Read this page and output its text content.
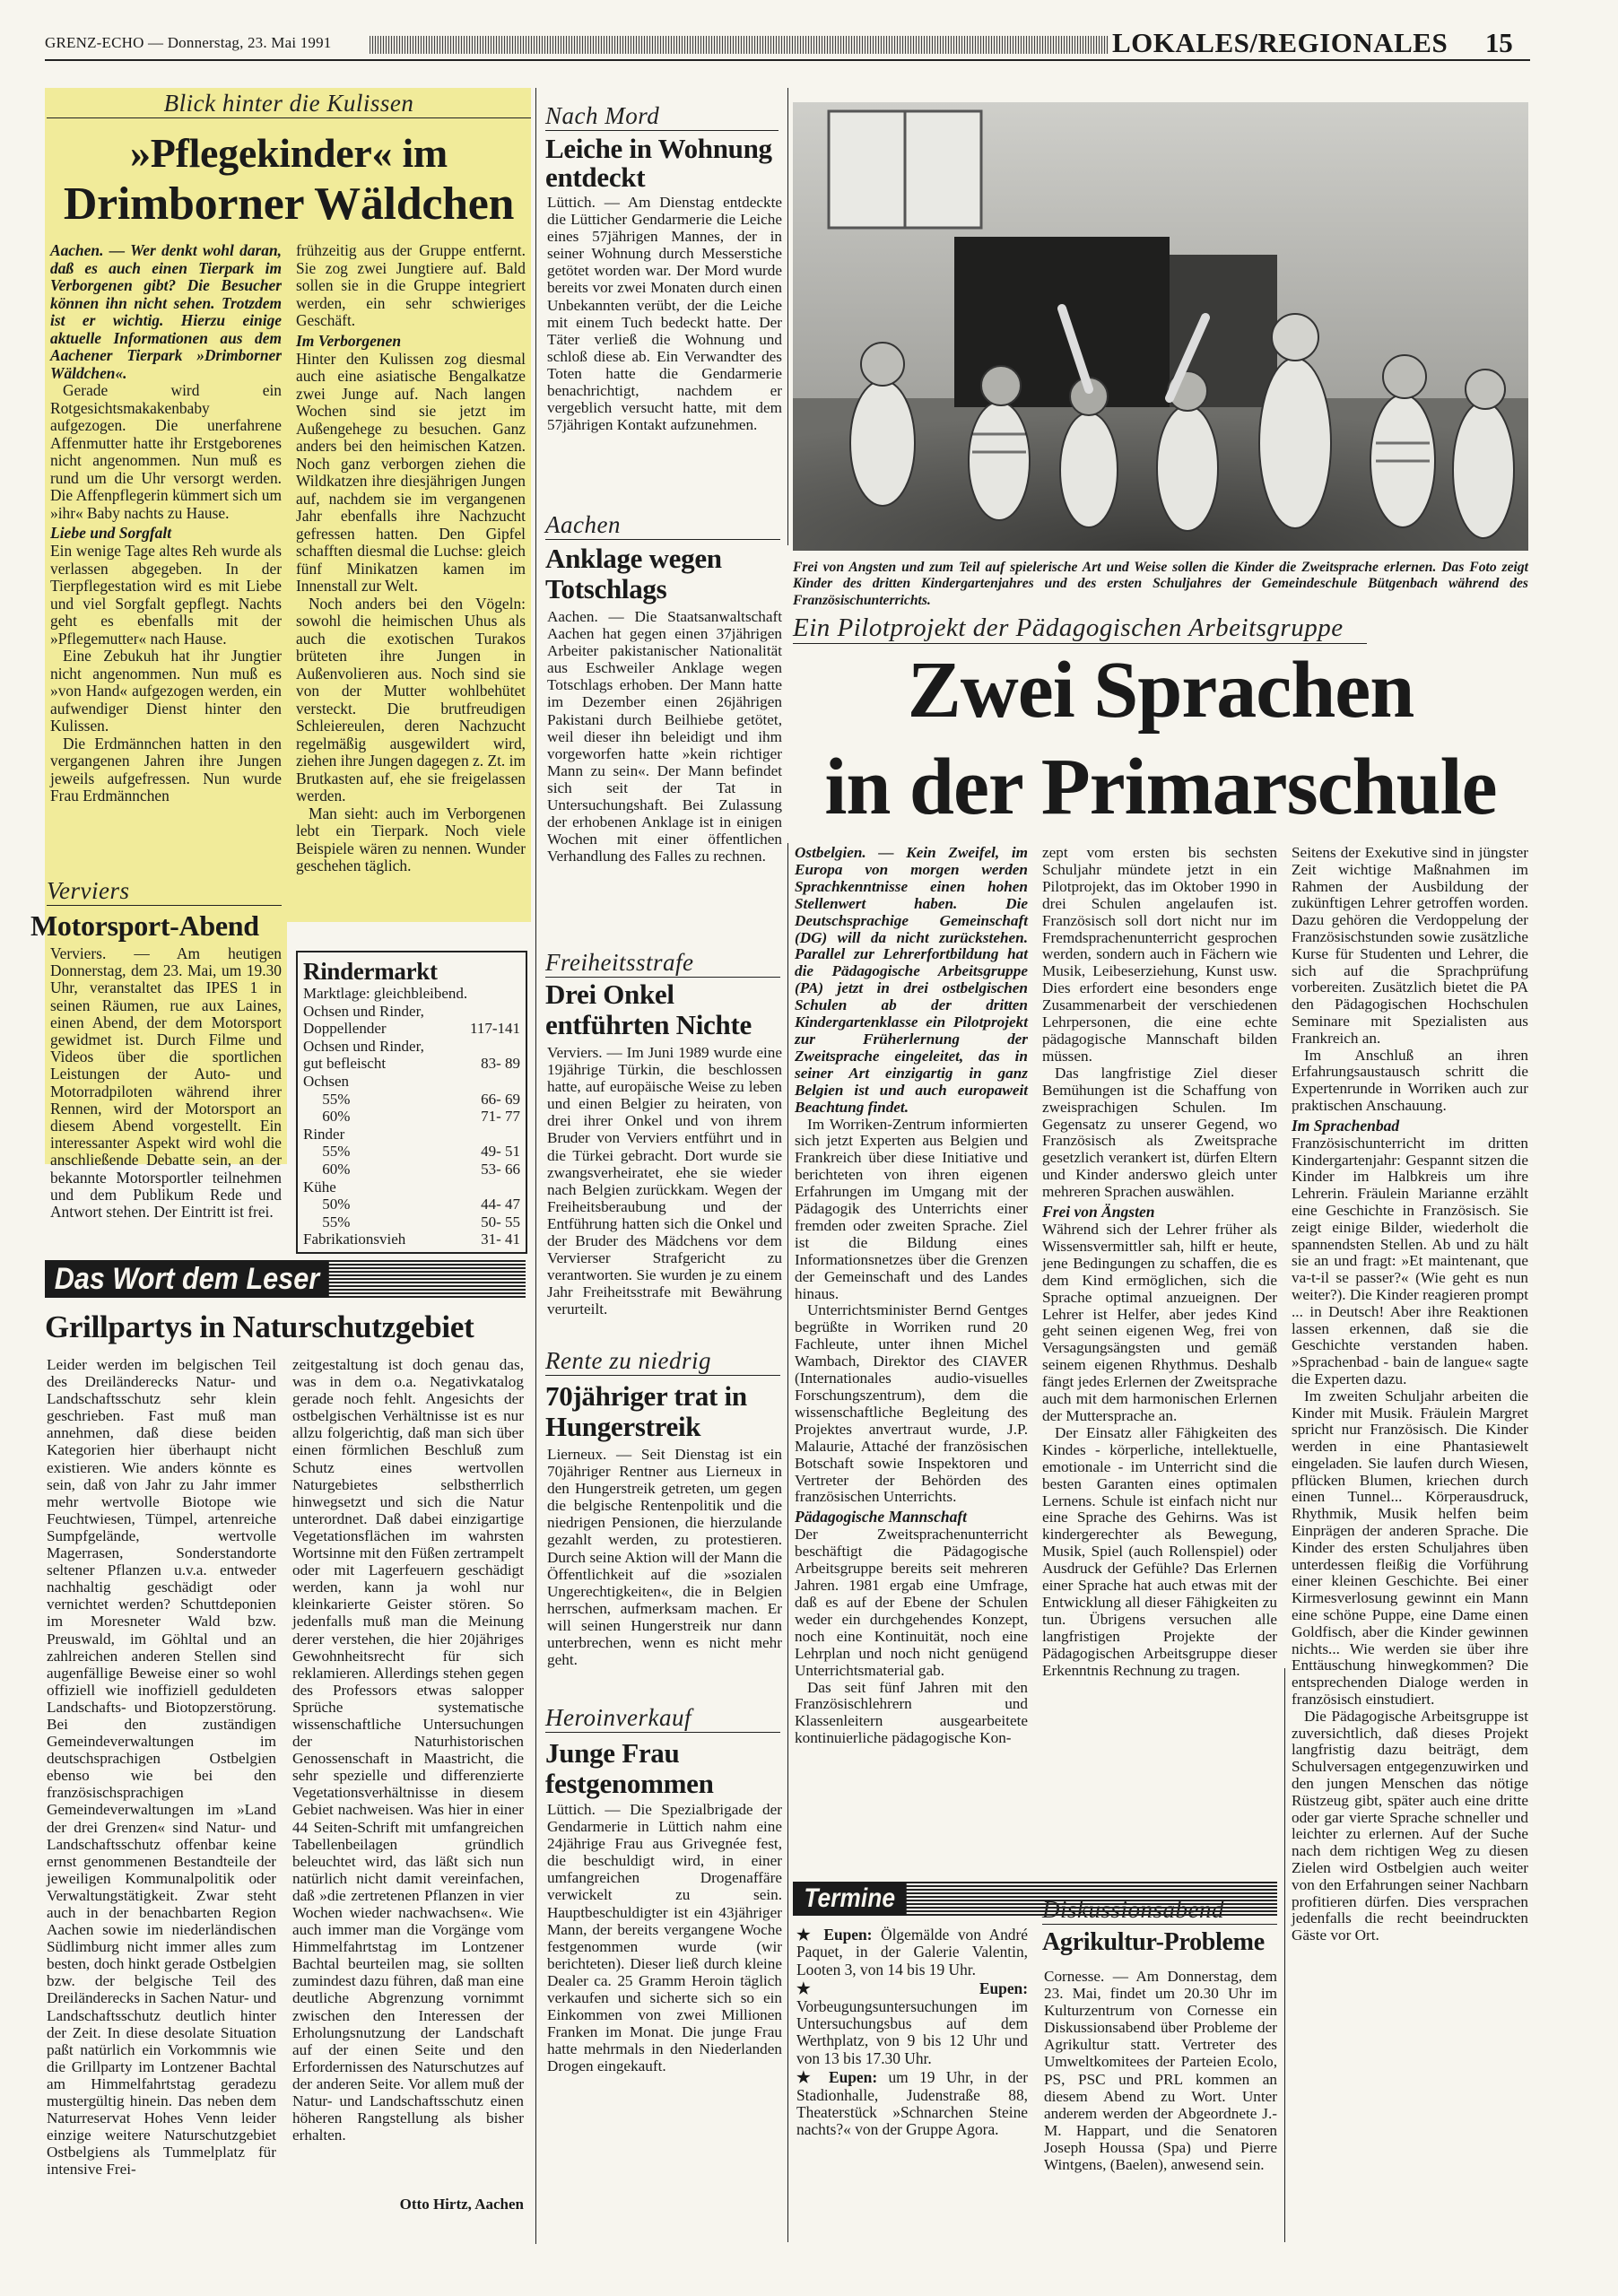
GRENZ-ECHO — Donnerstag, 23. Mai 1991	LOKALES/REGIONALES 15
Blick hinter die Kulissen
»Pflegekinder« im
Drimborner Wäldchen

Aachen. — Wer denkt wohl daran, daß es auch einen Tierpark im Verborgenen gibt? Die Besucher können ihn nicht sehen. Trotzdem ist er wichtig. Hierzu einige aktuelle Informationen aus dem Aachener Tierpark »Drimborner Wäldchen«.

Gerade wird ein Rotgesichtsmakakenbaby aufgezogen. Die unerfahrene Affenmutter hatte ihr Erstgeborenes nicht angenommen. Nun muß es rund um die Uhr versorgt werden. Die Affenpflegerin kümmert sich um »ihr« Baby nachts zu Hause.

Liebe und Sorgfalt

Ein wenige Tage altes Reh wurde als verlassen abgegeben. In der Tierpflegestation wird es mit Liebe und viel Sorgfalt gepflegt. Nachts geht es ebenfalls mit der »Pflegemutter« nach Hause.

Eine Zebukuh hat ihr Jungtier nicht angenommen. Nun muß es »von Hand« aufgezogen werden, ein aufwendiger Dienst hinter den Kulissen.

Die Erdmännchen hatten in den vergangenen Jahren ihre Jungen jeweils aufgefressen. Nun wurde Frau Erdmännchen

frühzeitig aus der Gruppe entfernt. Sie zog zwei Jungtiere auf. Bald sollen sie in die Gruppe integriert werden, ein sehr schwieriges Geschäft.

Im Verborgenen

Hinter den Kulissen zog diesmal auch eine asiatische Bengalkatze zwei Junge auf. Nach langen Wochen sind sie jetzt im Außengehege zu besuchen. Ganz anders bei den heimischen Katzen. Noch ganz verborgen ziehen die Wildkatzen ihre diesjährigen Jungen auf, nachdem sie im vergangenen Jahr ebenfalls ihre Nachzucht gefressen hatten. Den Gipfel schafften diesmal die Luchse: gleich fünf Minikatzen kamen im Innenstall zur Welt.

Noch anders bei den Vögeln: sowohl die heimischen Uhus als auch die exotischen Turakos brüteten ihre Jungen in Außenvolieren aus. Noch sind sie von der Mutter wohlbehütet versteckt. Die brutfreudigen Schleiereulen, deren Nachzucht regelmäßig ausgewildert wird, ziehen ihre Jungen dagegen z. Zt. im Brutkasten auf, ehe sie freigelassen werden.

Man sieht: auch im Verborgenen lebt ein Tierpark. Noch viele Beispiele wären zu nennen. Wunder geschehen täglich.

Verviers
Motorsport-Abend
Verviers. — Am heutigen Donnerstag, dem 23. Mai, um 19.30 Uhr, veranstaltet das IPES 1 in seinen Räumen, rue aux Laines, einen Abend, der dem Motorsport gewidmet ist. Durch Filme und Videos über die sportlichen Leistungen der Auto- und Motorradpiloten während ihrer Rennen, wird der Motorsport an diesem Abend vorgestellt. Ein interessanter Aspekt wird wohl die anschließende Debatte sein, an der bekannte Motorsportler teilnehmen und dem Publikum Rede und Antwort stehen. Der Eintritt ist frei.
Rindermarkt
Marktlage: gleichbleibend.
Ochsen und Rinder,
Doppellender	117-141
Ochsen und Rinder,
gut befleischt	83- 89
Ochsen
55%	66- 69
60%	71- 77
Rinder
55%	49- 51
60%	53- 66
Kühe
50%	44- 47
55%	50- 55
Fabrikationsvieh	31- 41
Das Wort dem Leser
Grillpartys in Naturschutzgebiet
Leider werden im belgischen Teil des Dreiländerecks Natur- und Landschaftsschutz sehr klein geschrieben. Fast muß man annehmen, daß diese beiden Kategorien hier überhaupt nicht existieren. Wie anders könnte es sein, daß von Jahr zu Jahr immer mehr wertvolle Biotope wie Feuchtwiesen, Tümpel, artenreiche Sumpfgelände, wertvolle Magerrasen, Sonderstandorte seltener Pflanzen u.v.a. entweder nachhaltig geschädigt oder vernichtet werden? Schuttdeponien im Moresneter Wald bzw. Preuswald, im Göhltal und an zahlreichen anderen Stellen sind augenfällige Beweise einer so wohl offiziell wie inoffiziell geduldeten Landschafts- und Biotopzerstörung. Bei den zuständigen Gemeindeverwaltungen im deutschsprachigen Ostbelgien ebenso wie bei den französischsprachigen Gemeindeverwaltungen im »Land der drei Grenzen« sind Natur- und Landschaftsschutz offenbar keine ernst genommenen Bestandteile der jeweiligen Kommunalpolitik oder Verwaltungstätigkeit. Zwar steht auch in der benachbarten Region Aachen sowie im niederländischen Südlimburg nicht immer alles zum besten, doch hinkt gerade Ostbelgien bzw. der belgische Teil des Dreiländerecks in Sachen Natur- und Landschaftsschutz deutlich hinter der Zeit. In diese desolate Situation paßt natürlich ein Vorkommnis wie die Grillparty im Lontzener Bachtal am Himmelfahrtstag geradezu mustergültig hinein. Das neben dem Naturreservat Hohes Venn leider einzige weitere Naturschutzgebiet Ostbelgiens als Tummelplatz für intensive Frei-
zeitgestaltung ist doch genau das, was in dem o.a. Negativkatalog gerade noch fehlt. Angesichts der ostbelgischen Verhältnisse ist es nur allzu folgerichtig, daß man sich über einen förmlichen Beschluß zum Schutz eines wertvollen Naturgebietes selbstherrlich hinwegsetzt und sich die Natur unterordnet. Daß dabei einzigartige Vegetationsflächen im wahrsten Wortsinne mit den Füßen zertrampelt oder mit Lagerfeuern geschädigt werden, kann ja wohl nur kleinkarierte Geister stören. So jedenfalls muß man die Meinung derer verstehen, die hier 20jähriges Gewohnheitsrecht für sich reklamieren. Allerdings stehen gegen des Professors etwas salopper Sprüche systematische wissenschaftliche Untersuchungen der Naturhistorischen Genossenschaft in Maastricht, die sehr spezielle und differenzierte Vegetationsverhältnisse in diesem Gebiet nachweisen. Was hier in einer 44 Seiten-Schrift mit umfangreichen Tabellenbeilagen gründlich beleuchtet wird, das läßt sich nun natürlich nicht damit vereinfachen, daß »die zertretenen Pflanzen in vier Wochen wieder nachwachsen«. Wie auch immer man die Vorgänge vom Himmelfahrtstag im Lontzener Bachtal beurteilen mag, sie sollten zumindest dazu führen, daß man eine deutliche Abgrenzung vornimmt zwischen den Interessen der Erholungsnutzung der Landschaft auf der einen Seite und den Erfordernissen des Naturschutzes auf der anderen Seite. Vor allem muß der Natur- und Landschaftsschutz einen höheren Rangstellung als bisher erhalten.
Otto Hirtz, Aachen
Nach Mord
Leiche in Wohnung entdeckt
Lüttich. — Am Dienstag entdeckte die Lütticher Gendarmerie die Leiche eines 57jährigen Mannes, der in seiner Wohnung durch Messerstiche getötet worden war. Der Mord wurde bereits vor zwei Monaten durch einen Unbekannten verübt, der die Leiche mit einem Tuch bedeckt hatte. Der Täter verließ die Wohnung und schloß diese ab. Ein Verwandter des Toten hatte die Gendarmerie benachrichtigt, nachdem er vergeblich versucht hatte, mit dem 57jährigen Kontakt aufzunehmen.
Aachen
Anklage wegen Totschlags
Aachen. — Die Staatsanwaltschaft Aachen hat gegen einen 37jährigen Arbeiter pakistanischer Nationalität aus Eschweiler Anklage wegen Totschlags erhoben. Der Mann hatte im Dezember einen 26jährigen Pakistani durch Beilhiebe getötet, weil dieser ihn beleidigt und ihm vorgeworfen hatte »kein richtiger Mann zu sein«. Der Mann befindet sich seit der Tat in Untersuchungshaft. Bei Zulassung der erhobenen Anklage ist in einigen Wochen mit einer öffentlichen Verhandlung des Falles zu rechnen.
Freiheitsstrafe
Drei Onkel entführten Nichte
Verviers. — Im Juni 1989 wurde eine 19jährige Türkin, die beschlossen hatte, auf europäische Weise zu leben und einen Belgier zu heiraten, von drei ihrer Onkel und von ihrem Bruder von Verviers entführt und in die Türkei gebracht. Dort wurde sie zwangsverheiratet, ehe sie wieder nach Belgien zurückkam. Wegen der Freiheitsberaubung und der Entführung hatten sich die Onkel und der Bruder des Mädchens vor dem Vervierser Strafgericht zu verantworten. Sie wurden je zu einem Jahr Freiheitsstrafe mit Bewährung verurteilt.
Rente zu niedrig
70jähriger trat in Hungerstreik
Lierneux. — Seit Dienstag ist ein 70jähriger Rentner aus Lierneux in den Hungerstreik getreten, um gegen die belgische Rentenpolitik und die niedrigen Pensionen, die hierzulande gezahlt werden, zu protestieren. Durch seine Aktion will der Mann die Öffentlichkeit auf die »sozialen Ungerechtigkeiten«, die in Belgien herrschen, aufmerksam machen. Er will seinen Hungerstreik nur dann unterbrechen, wenn es nicht mehr geht.
Heroinverkauf
Junge Frau festgenommen
Lüttich. — Die Spezialbrigade der Gendarmerie in Lüttich nahm eine 24jährige Frau aus Grivegnée fest, die beschuldigt wird, in einer umfangreichen Drogenaffäre verwickelt zu sein. Hauptbeschuldigter ist ein 43jähriger Mann, der bereits vergangene Woche festgenommen wurde (wir berichteten). Dieser ließ durch kleine Dealer ca. 25 Gramm Heroin täglich verkaufen und sicherte sich so ein Einkommen von zwei Millionen Franken im Monat. Die junge Frau hatte mehrmals in den Niederlanden Drogen eingekauft.
Frei von Angsten und zum Teil auf spielerische Art und Weise sollen die Kinder die Zweitsprache erlernen. Das Foto zeigt Kinder des dritten Kindergartenjahres und des ersten Schuljahres der Gemeindeschule Bütgenbach während des Französischunterrichts.
Ein Pilotprojekt der Pädagogischen Arbeitsgruppe
Zwei Sprachen
in der Primarschule

Ostbelgien. — Kein Zweifel, im Europa von morgen werden Sprachkenntnisse einen hohen Stellenwert haben. Die Deutschsprachige Gemeinschaft (DG) will da nicht zurückstehen. Parallel zur Lehrerfortbildung hat die Pädagogische Arbeitsgruppe (PA) jetzt in drei ostbelgischen Schulen ab der dritten Kindergartenklasse ein Pilotprojekt zur Früherlernung der Zweitsprache eingeleitet, das in seiner Art einzigartig in ganz Belgien ist und auch europaweit Beachtung findet.

Im Worriken-Zentrum informierten sich jetzt Experten aus Belgien und Frankreich über diese Initiative und berichteten von ihren eigenen Erfahrungen im Umgang mit der Pädagogik des Unterrichts einer fremden oder zweiten Sprache. Ziel ist die Bildung eines Informationsnetzes über die Grenzen der Gemeinschaft und des Landes hinaus.

Unterrichtsminister Bernd Gentges begrüßte in Worriken rund 20 Fachleute, unter ihnen Michel Wambach, Direktor des CIAVER (Internationales audio-visuelles Forschungszentrum), dem die wissenschaftliche Begleitung des Projektes anvertraut wurde, J.P. Malaurie, Attaché der französischen Botschaft sowie Inspektoren und Vertreter der Behörden des französischen Unterrichts.

Pädagogische Mannschaft

Der Zweitsprachenunterricht beschäftigt die Pädagogische Arbeitsgruppe bereits seit mehreren Jahren. 1981 ergab eine Umfrage, daß es auf der Ebene der Schulen weder ein durchgehendes Konzept, noch eine Kontinuität, noch eine Lehrplan und noch nicht genügend Unterrichtsmaterial gab.

Das seit fünf Jahren mit den Französischlehrern und Klassenleitern ausgearbeitete kontinuierliche pädagogische Kon-

zept vom ersten bis sechsten Schuljahr mündete jetzt in ein Pilotprojekt, das im Oktober 1990 in drei Schulen angelaufen ist. Französisch soll dort nicht nur im Fremdsprachenunterricht gesprochen werden, sondern auch in Fächern wie Musik, Leibeserziehung, Kunst usw. Dies erfordert eine besonders enge Zusammenarbeit der verschiedenen Lehrpersonen, die eine echte pädagogische Mannschaft bilden müssen.

Das langfristige Ziel dieser Bemühungen ist die Schaffung von zweisprachigen Schulen. Im Gegensatz zu unserer Gegend, wo Französisch als Zweitsprache gesetzlich verankert ist, dürfen Eltern und Kinder anderswo gleich unter mehreren Sprachen auswählen.

Frei von Ängsten

Während sich der Lehrer früher als Wissensvermittler sah, hilft er heute, jene Bedingungen zu schaffen, die es dem Kind ermöglichen, sich die Sprache optimal anzueignen. Der Lehrer ist Helfer, aber jedes Kind geht seinen eigenen Weg, frei von Versagungsängsten und gemäß seinem eigenen Rhythmus. Deshalb fängt jedes Erlernen der Zweitsprache auch mit dem harmonischen Erlernen der Muttersprache an.

Der Einsatz aller Fähigkeiten des Kindes - körperliche, intellektuelle, emotionale - im Unterricht sind die besten Garanten eines optimalen Lernens. Schule ist einfach nicht nur eine Sprache des Gehirns. Was ist kindergerechter als Bewegung, Musik, Spiel (auch Rollenspiel) oder Ausdruck der Gefühle? Das Erlernen einer Sprache hat auch etwas mit der Entwicklung all dieser Fähigkeiten zu tun. Übrigens versuchen alle langfristigen Projekte der Pädagogischen Arbeitsgruppe dieser Erkenntnis Rechnung zu tragen.

Seitens der Exekutive sind in jüngster Zeit wichtige Maßnahmen im Rahmen der Ausbildung der zukünftigen Lehrer getroffen worden. Dazu gehören die Verdoppelung der Französischstunden sowie zusätzliche Kurse für Studenten und Lehrer, die sich auf die Sprachprüfung vorbereiten. Zusätzlich bietet die PA den Pädagogischen Hochschulen Seminare mit Spezialisten aus Frankreich an.

Im Anschluß an ihren Erfahrungsaustausch schritt die Expertenrunde in Worriken auch zur praktischen Anschauung.

Im Sprachenbad

Französischunterricht im dritten Kindergartenjahr: Gespannt sitzen die Kinder im Halbkreis um ihre Lehrerin. Fräulein Marianne erzählt eine Geschichte in Französisch. Sie zeigt einige Bilder, wiederholt die spannendsten Stellen. Ab und zu hält sie an und fragt: »Et maintenant, que va-t-il se passer?« (Wie geht es nun weiter?). Die Kinder reagieren prompt ... in Deutsch! Aber ihre Reaktionen lassen erkennen, daß sie die Geschichte verstanden haben. »Sprachenbad - bain de langue« sagte die Experten dazu.

Im zweiten Schuljahr arbeiten die Kinder mit Musik. Fräulein Margret spricht nur Französisch. Die Kinder werden in eine Phantasiewelt eingeladen. Sie laufen durch Wiesen, pflücken Blumen, kriechen durch einen Tunnel... Körperausdruck, Rhythmik, Musik helfen beim Einprägen der anderen Sprache. Die Kinder des ersten Schuljahres üben unterdessen fleißig die Vorführung einer kleinen Geschichte. Bei einer Kirmesverlosung gewinnt ein Mann eine schöne Puppe, eine Dame einen Goldfisch, aber die Kinder gewinnen nichts... Wie werden sie über ihre Enttäuschung hinwegkommen? Die entsprechenden Dialoge werden in französisch einstudiert.

Die Pädagogische Arbeitsgruppe ist zuversichtlich, daß dieses Projekt langfristig dazu beiträgt, dem Schulversagen entgegenzuwirken und den jungen Menschen das nötige Rüstzeug gibt, später auch eine dritte oder gar vierte Sprache schneller und leichter zu erlernen. Auf der Suche nach dem richtigen Weg zu diesen Zielen wird Ostbelgien auch weiter von den Erfahrungen seiner Nachbarn profitieren dürfen. Dies versprachen jedenfalls die recht beeindruckten Gäste vor Ort.

Termine
★ Eupen: Ölgemälde von André Paquet, in der Galerie Valentin, Looten 3, von 14 bis 19 Uhr.
★ Eupen: Vorbeugungsuntersuchungen im Untersuchungsbus auf dem Werthplatz, von 9 bis 12 Uhr und von 13 bis 17.30 Uhr.
★ Eupen: um 19 Uhr, in der Stadionhalle, Judenstraße 88, Theaterstück »Schnarchen Steine nachts?« von der Gruppe Agora.
Diskussionsabend
Agrikultur-Probleme
Cornesse. — Am Donnerstag, dem 23. Mai, findet um 20.30 Uhr im Kulturzentrum von Cornesse ein Diskussionsabend über Probleme der Agrikultur statt. Vertreter des Umweltkomitees der Parteien Ecolo, PS, PSC und PRL kommen an diesem Abend zu Wort. Unter anderem werden der Abgeordnete J.-M. Happart, und die Senatoren Joseph Houssa (Spa) und Pierre Wintgens, (Baelen), anwesend sein.
